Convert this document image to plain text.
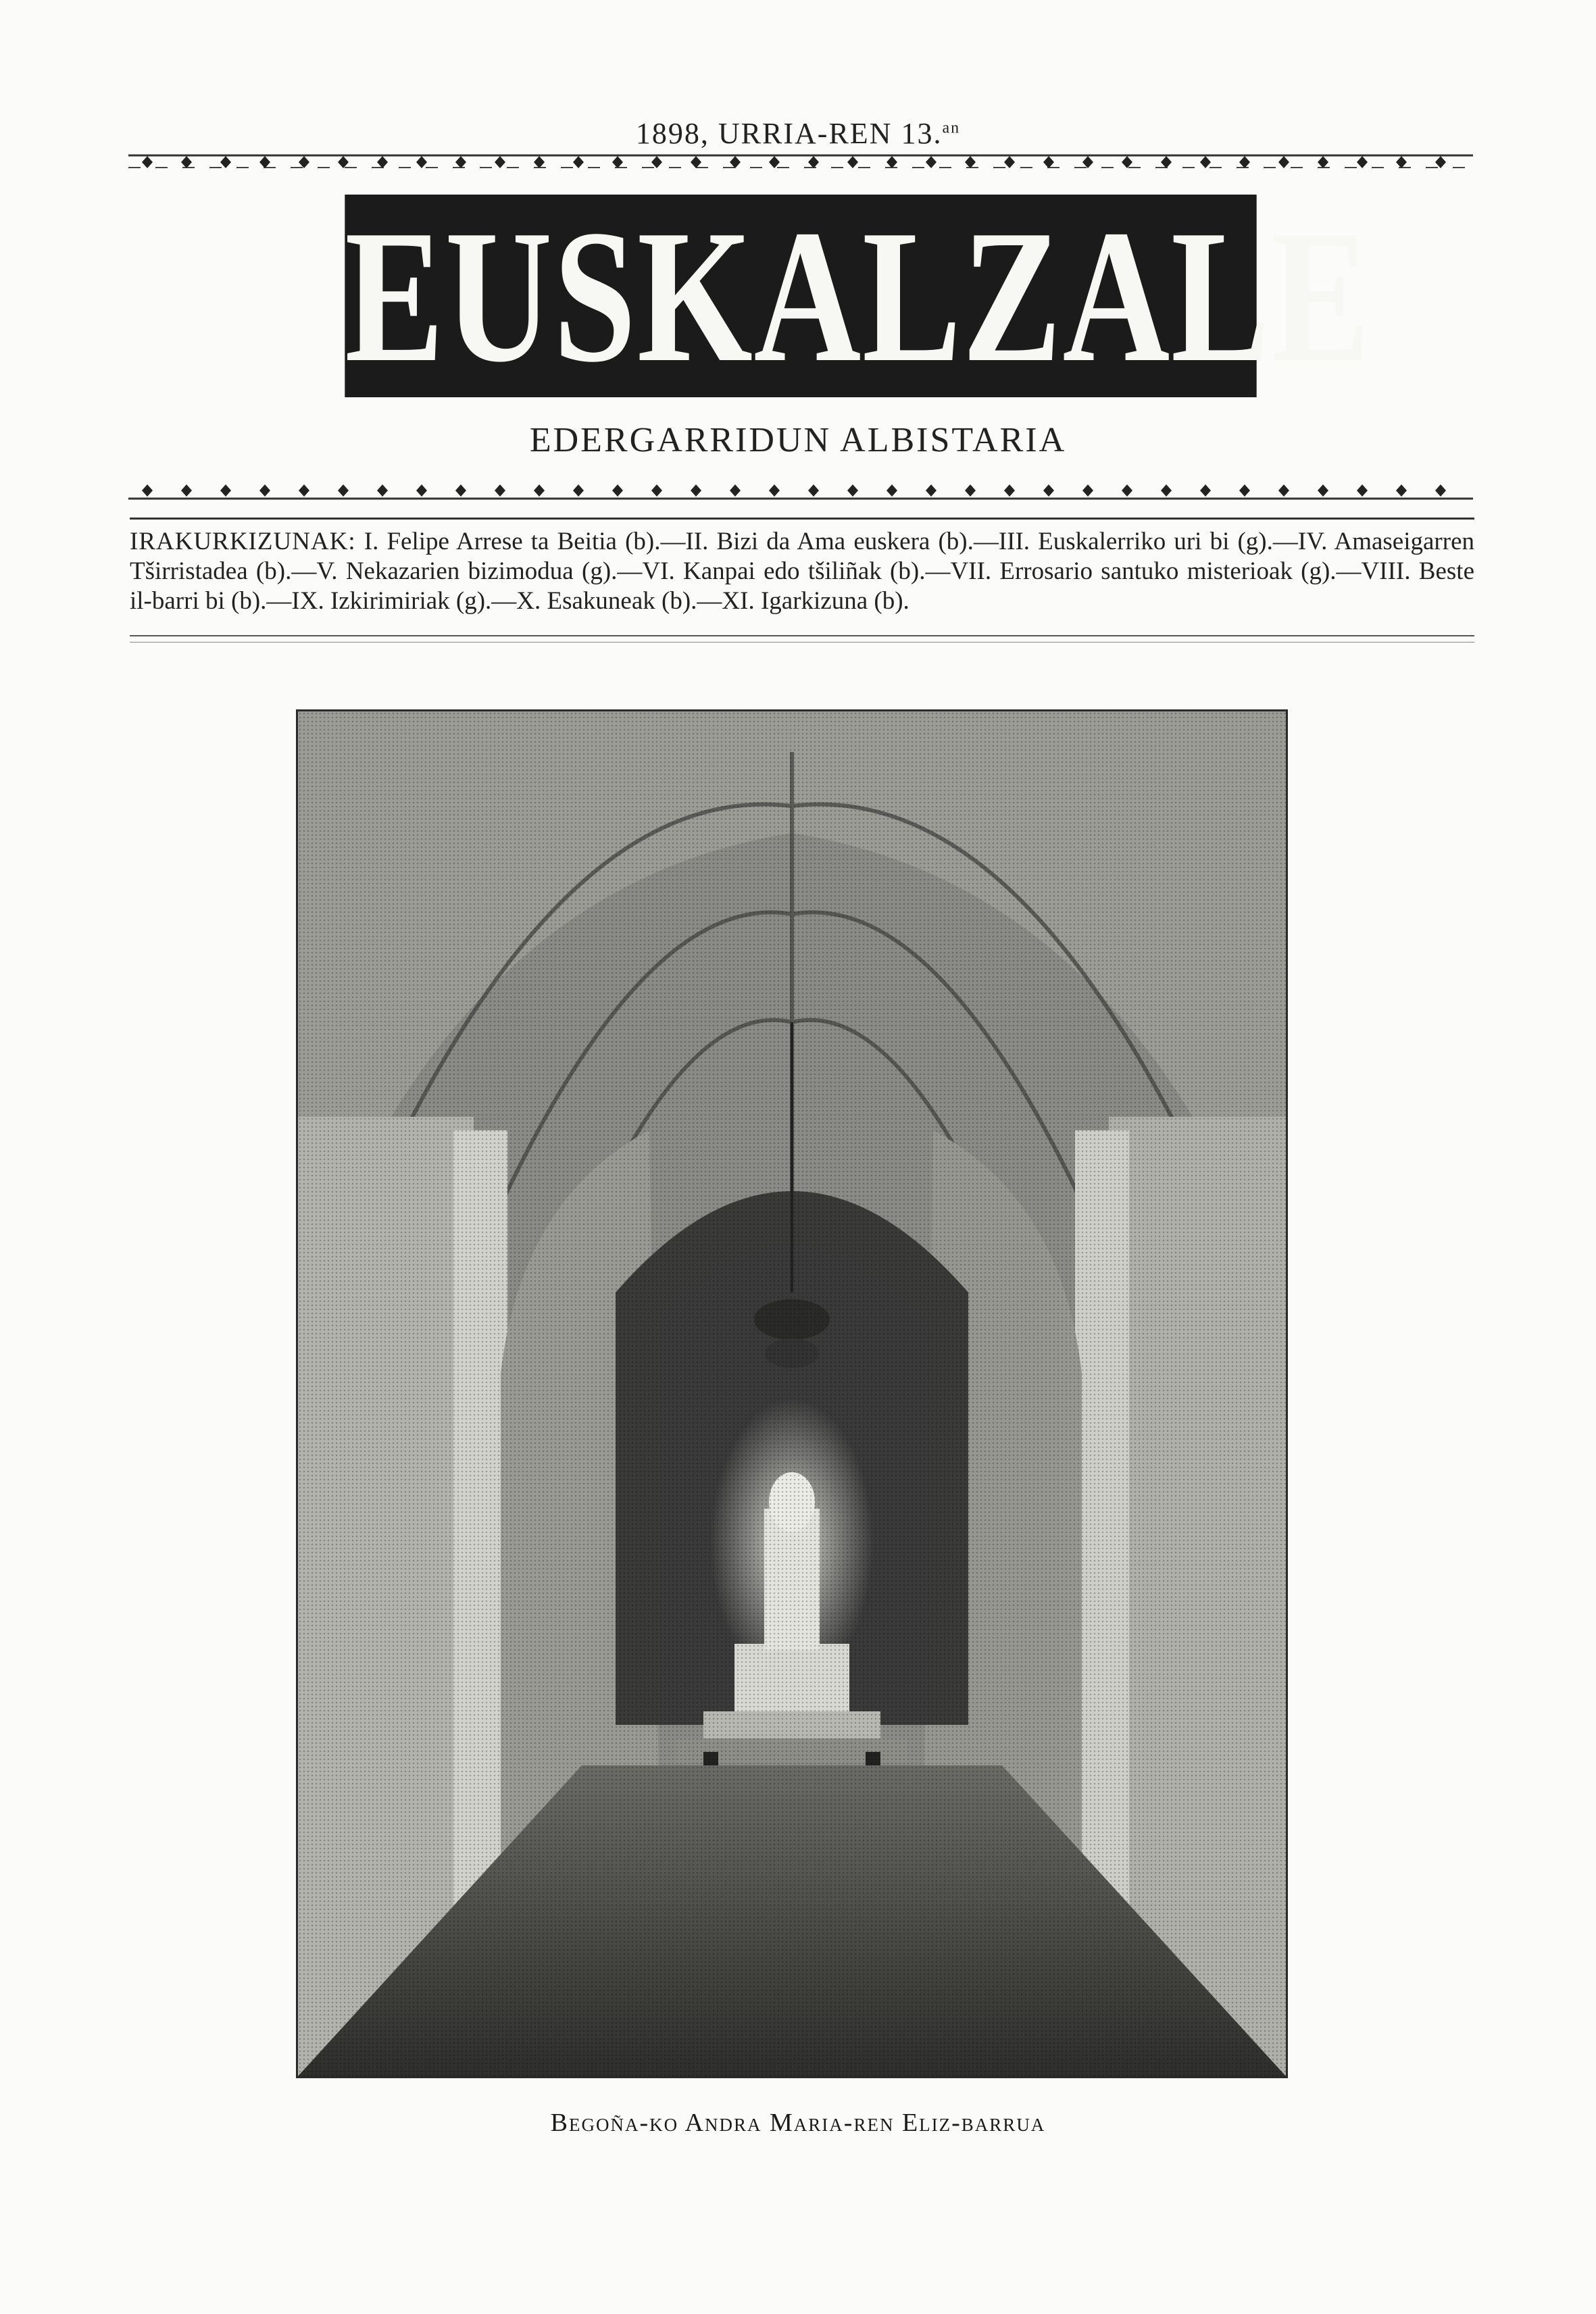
1898, URRIA-REN 13.$^{an}$
EUSKALZALE
EDERGARRIDUN ALBISTARIA
IRAKURKIZUNAK: I. Felipe Arrese ta Beitia (b).—II. Bizi da Ama euskera (b).—III. Euskalerriko uri bi (g).—IV. Amaseigarren Tširristadea (b).—V. Nekazarien bizimodua (g).—VI. Kanpai edo tšiliñak (b).—VII. Errosario santuko misterioak (g).—VIII. Beste il-barri bi (b).—IX. Izkirimiriak (g).—X. Esakuneak (b).—XI. Igarkizuna (b).
Begoña-ko Andra Maria-ren Eliz-barrua
